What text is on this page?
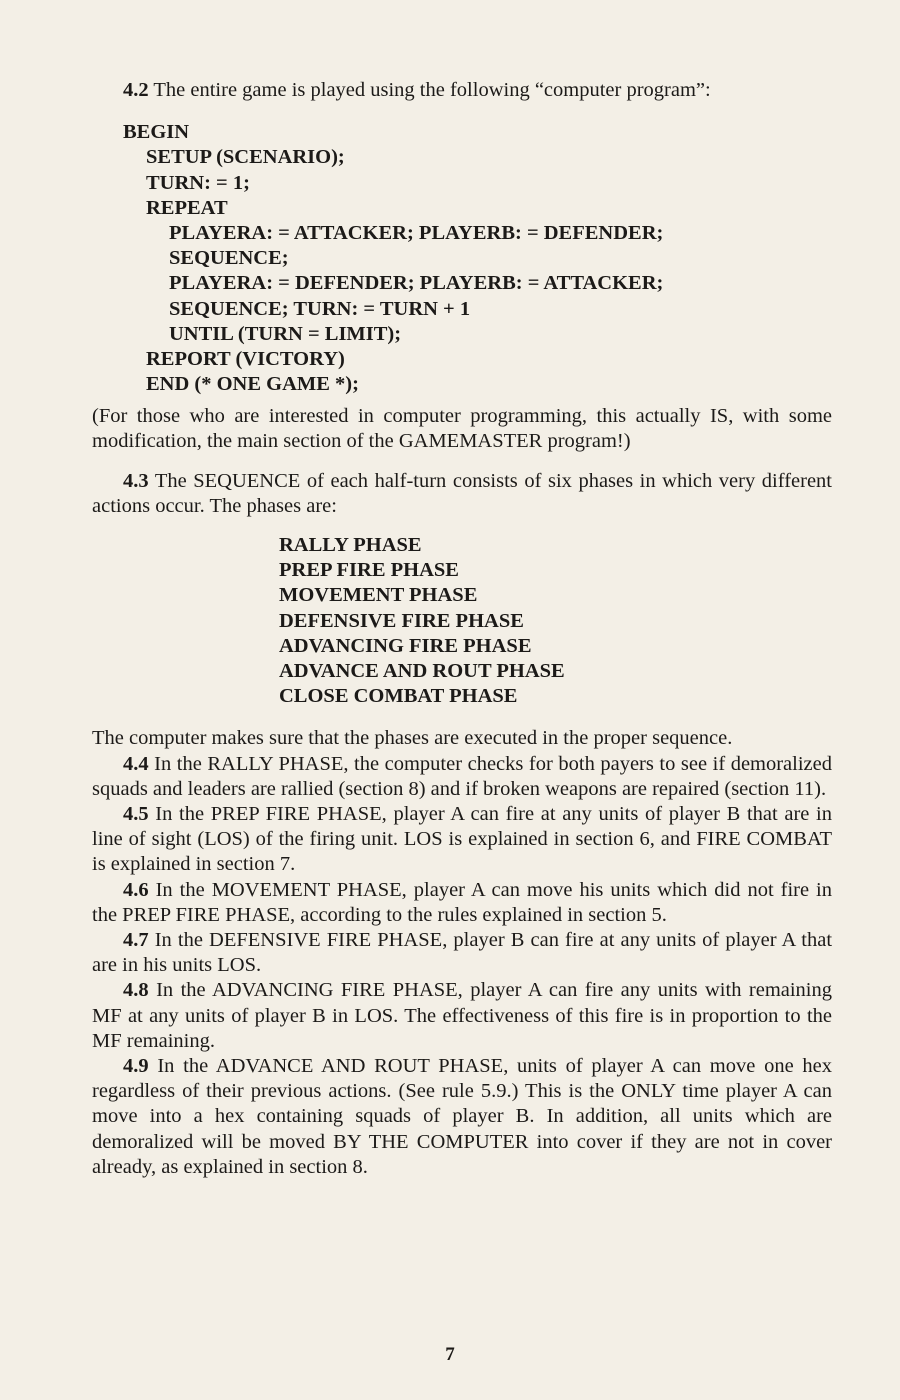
4.2 The entire game is played using the following “computer program”:

BEGIN
SETUP (SCENARIO);
TURN: = 1;
REPEAT
PLAYERA: = ATTACKER; PLAYERB: = DEFENDER;
SEQUENCE;
PLAYERA: = DEFENDER; PLAYERB: = ATTACKER;
SEQUENCE; TURN: = TURN + 1
UNTIL (TURN = LIMIT);
REPORT (VICTORY)
END (* ONE GAME *);

(For those who are interested in computer programming, this actually IS, with some modification, the main section of the GAMEMASTER program!)

4.3 The SEQUENCE of each half-turn consists of six phases in which very different actions occur. The phases are:

RALLY PHASE
PREP FIRE PHASE
MOVEMENT PHASE
DEFENSIVE FIRE PHASE
ADVANCING FIRE PHASE
ADVANCE AND ROUT PHASE
CLOSE COMBAT PHASE

The computer makes sure that the phases are executed in the proper sequence.

4.4 In the RALLY PHASE, the computer checks for both payers to see if demoralized squads and leaders are rallied (section 8) and if broken weapons are repaired (section 11).

4.5 In the PREP FIRE PHASE, player A can fire at any units of player B that are in line of sight (LOS) of the firing unit. LOS is explained in section 6, and FIRE COMBAT is explained in section 7.

4.6 In the MOVEMENT PHASE, player A can move his units which did not fire in the PREP FIRE PHASE, according to the rules explained in section 5.

4.7 In the DEFENSIVE FIRE PHASE, player B can fire at any units of player A that are in his units LOS.

4.8 In the ADVANCING FIRE PHASE, player A can fire any units with remaining MF at any units of player B in LOS. The effectiveness of this fire is in proportion to the MF remaining.

4.9 In the ADVANCE AND ROUT PHASE, units of player A can move one hex regardless of their previous actions. (See rule 5.9.) This is the ONLY time player A can move into a hex containing squads of player B. In addition, all units which are demoralized will be moved BY THE COMPUTER into cover if they are not in cover already, as explained in section 8.

7
